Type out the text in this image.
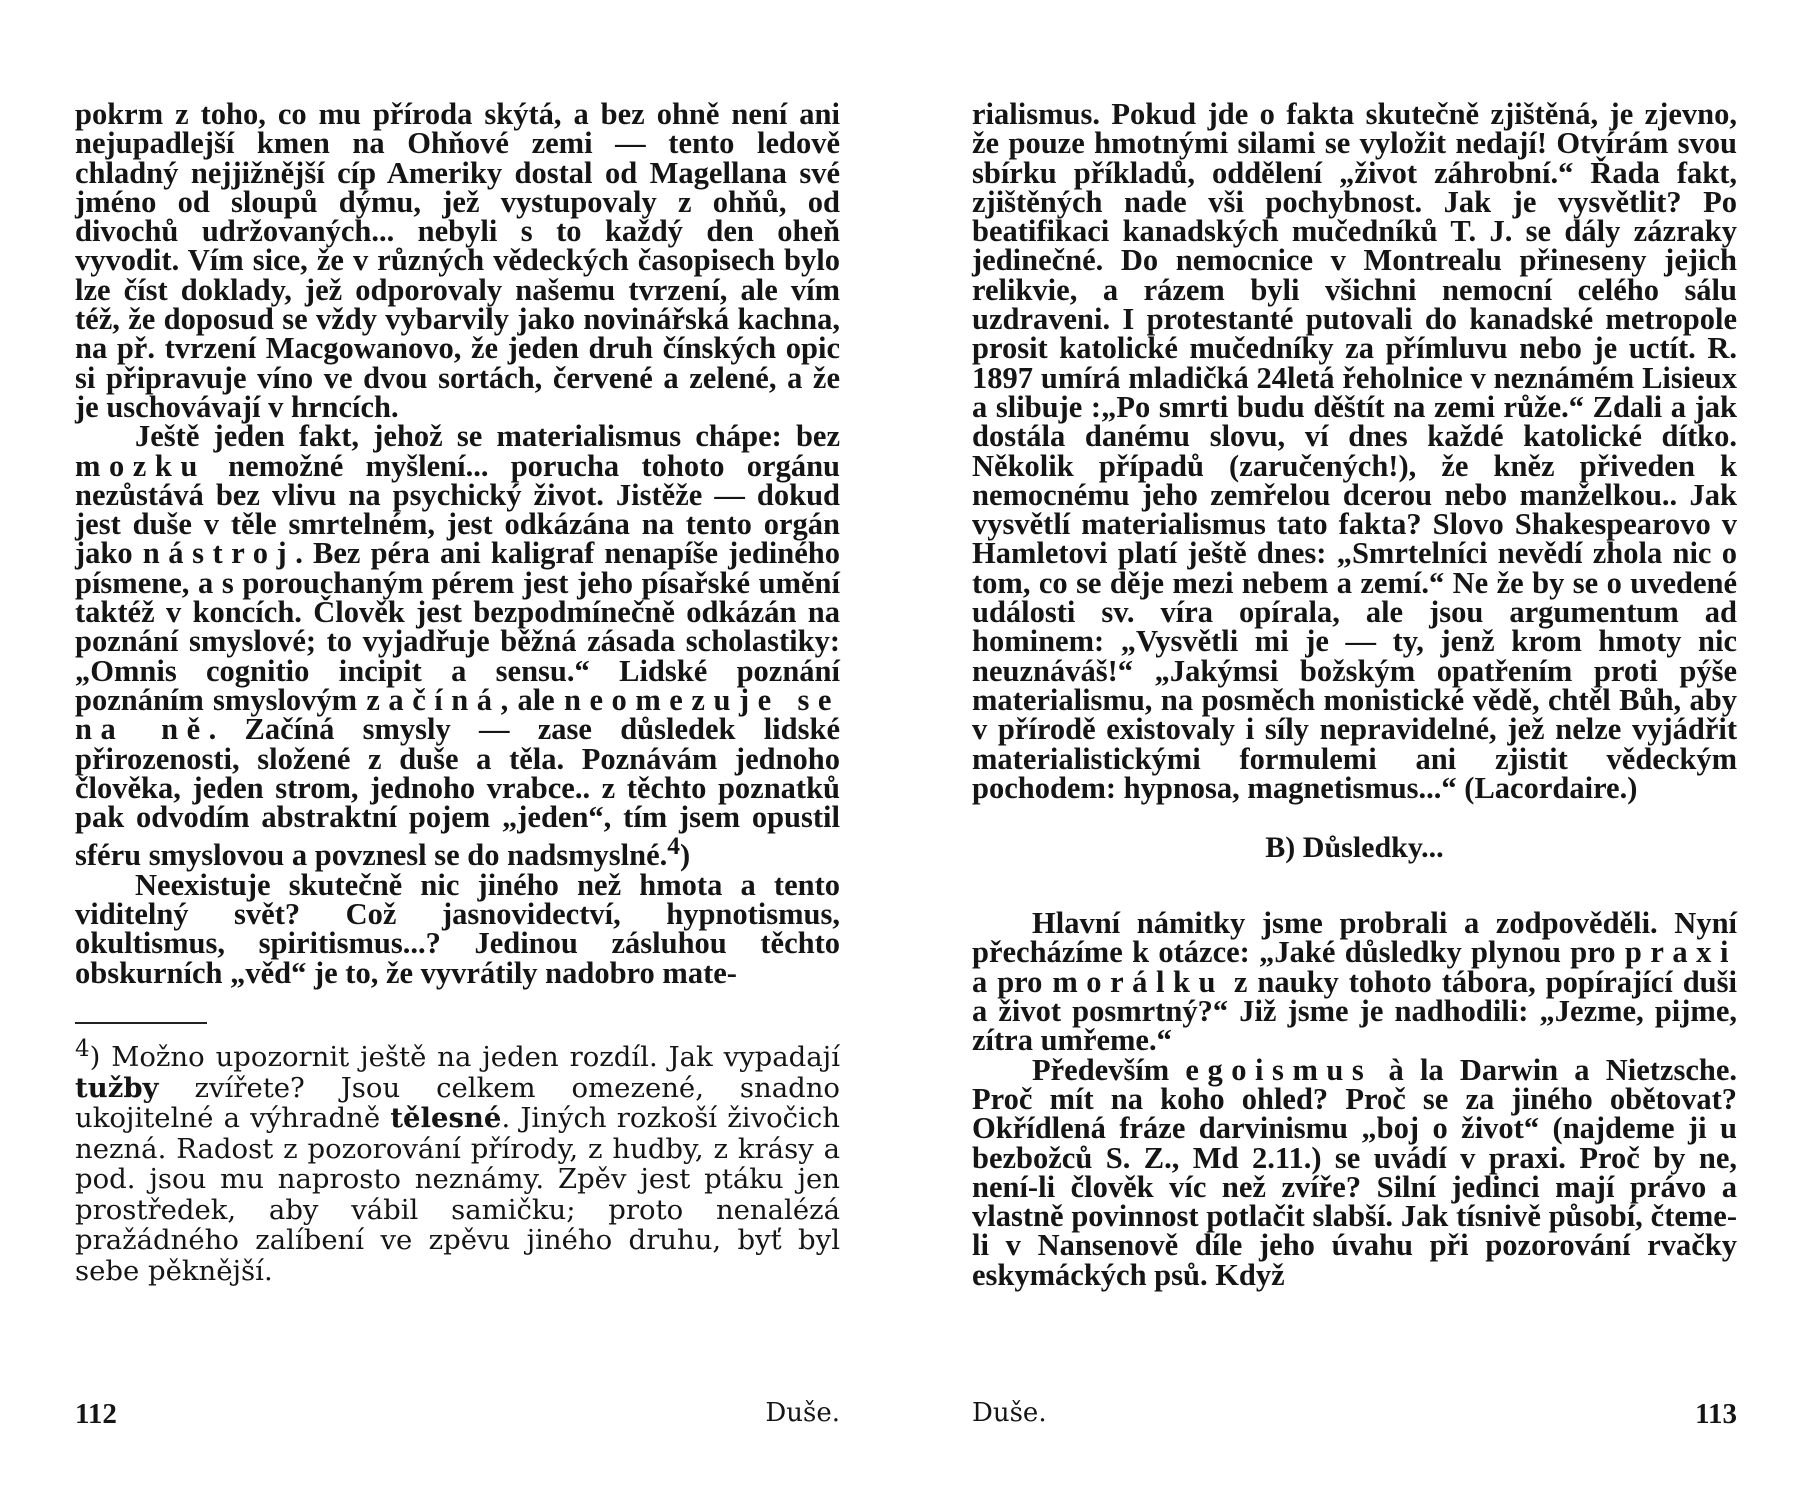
pokrm z toho, co mu příroda skýtá, a bez ohně není ani nejupadlejší kmen na Ohňové zemi — tento ledově chladný nejjižnější cíp Ameriky dostal od Magellana své jméno od sloupů dýmu, jež vystupovaly z ohňů, od divochů udržovaných... nebyli s to každý den oheň vyvodit. Vím sice, že v různých vědeckých časopisech bylo lze číst doklady, jež odporovaly našemu tvrzení, ale vím též, že doposud se vždy vybarvily jako novinářská kachna, na př. tvrzení Macgowanovo, že jeden druh čínských opic si připravuje víno ve dvou sortách, červené a zelené, a že je uschovávají v hrncích.

Ještě jeden fakt, jehož se materialismus chápe: bez mozku nemožné myšlení... porucha tohoto orgánu nezůstává bez vlivu na psychický život. Jistěže — dokud jest duše v těle smrtelném, jest odkázána na tento orgán jako nástroj. Bez péra ani kaligraf nenapíše jediného písmene, a s porouchaným pérem jest jeho písařské umění taktéž v koncích. Člověk jest bezpodmínečně odkázán na poznání smyslové; to vyjadřuje běžná zásada scholastiky: „Omnis cognitio incipit a sensu.“ Lidské poznání poznáním smyslovým začíná, ale neomezuje se na ně. Začíná smysly — zase důsledek lidské přirozenosti, složené z duše a těla. Poznávám jednoho člověka, jeden strom, jednoho vrabce.. z těchto poznatků pak odvodím abstraktní pojem „jeden“, tím jsem opustil sféru smyslovou a povznesl se do nadsmyslné.$^4$)

Neexistuje skutečně nic jiného než hmota a tento viditelný svět? Což jasnovidectví, hypnotismus, okultismus, spiritismus...? Jedinou zásluhou těchto obskurních „věd“ je to, že vyvrátily nadobro mate-

$^4$) Možno upozornit ještě na jeden rozdíl. Jak vypadají tužby zvířete? Jsou celkem omezené, snadno ukojitelné a výhradně tělesné. Jiných rozkoší živočich nezná. Radost z pozorování přírody, z hudby, z krásy a pod. jsou mu naprosto neznámy. Zpěv jest ptáku jen prostředek, aby vábil samičku; proto nenalézá pražádného zalíbení ve zpěvu jiného druhu, byť byl sebe pěknější.
112	Duše.

rialismus. Pokud jde o fakta skutečně zjištěná, je zjevno, že pouze hmotnými silami se vyložit nedají! Otvírám svou sbírku příkladů, oddělení „život záhrobní.“ Řada fakt, zjištěných nade vši pochybnost. Jak je vysvětlit? Po beatifikaci kanadských mučedníků T. J. se dály zázraky jedinečné. Do nemocnice v Montrealu přineseny jejich relikvie, a rázem byli všichni nemocní celého sálu uzdraveni. I protestanté putovali do kanadské metropole prosit katolické mučedníky za přímluvu nebo je uctít. R. 1897 umírá mladičká 24letá řeholnice v neznámém Lisieux a slibuje :„Po smrti budu děštít na zemi růže.“ Zdali a jak dostála danému slovu, ví dnes každé katolické dítko. Několik případů (zaručených!), že kněz přiveden k nemocnému jeho zemřelou dcerou nebo manželkou.. Jak vysvětlí materialismus tato fakta? Slovo Shakespearovo v Hamletovi platí ještě dnes: „Smrtelníci nevědí zhola nic o tom, co se děje mezi nebem a zemí.“ Ne že by se o uvedené události sv. víra opírala, ale jsou argumentum ad hominem: „Vysvětli mi je — ty, jenž krom hmoty nic neuznáváš!“ „Jakýmsi božským opatřením proti pýše materialismu, na posměch monistické vědě, chtěl Bůh, aby v přírodě existovaly i síly nepravidelné, jež nelze vyjádřit materialistickými formulemi ani zjistit vědeckým pochodem: hypnosa, magnetismus...“ (Lacordaire.)

B) Důsledky...

Hlavní námitky jsme probrali a zodpověděli. Nyní přecházíme k otázce: „Jaké důsledky plynou pro praxi a pro morálku z nauky tohoto tábora, popírající duši a život posmrtný?“ Již jsme je nadhodili: „Jezme, pijme, zítra umřeme.“

Především egoismus à la Darwin a Nietzsche. Proč mít na koho ohled? Proč se za jiného obětovat? Okřídlená fráze darvinismu „boj o život“ (najdeme ji u bezbožců S. Z., Md 2.11.) se uvádí v praxi. Proč by ne, není-li člověk víc než zvíře? Silní jedinci mají právo a vlastně povinnost potlačit slabší. Jak tísnivě působí, čteme-li v Nansenově díle jeho úvahu při pozorování rvačky eskymáckých psů. Když

Duše.	113
